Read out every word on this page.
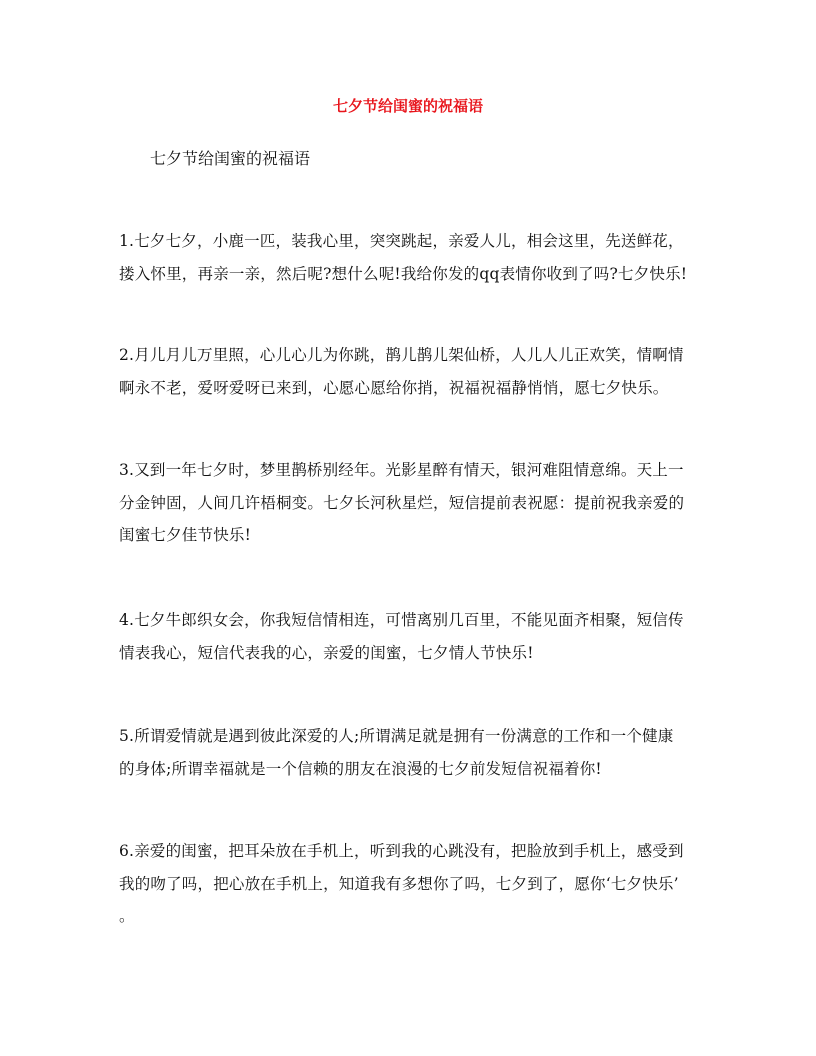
七夕节给闺蜜的祝福语
七夕节给闺蜜的祝福语
1.七夕七夕，小鹿一匹，装我心里，突突跳起，亲爱人儿，相会这里，先送鲜花，
搂入怀里，再亲一亲，然后呢?想什么呢!我给你发的qq表情你收到了吗?七夕快乐!
2.月儿月儿万里照，心儿心儿为你跳，鹊儿鹊儿架仙桥，人儿人儿正欢笑，情啊情
啊永不老，爱呀爱呀已来到，心愿心愿给你捎，祝福祝福静悄悄，愿七夕快乐。
3.又到一年七夕时，梦里鹊桥别经年。光影星醉有情天，银河难阻情意绵。天上一
分金钟固，人间几许梧桐变。七夕长河秋星烂，短信提前表祝愿：提前祝我亲爱的
闺蜜七夕佳节快乐!
4.七夕牛郎织女会，你我短信情相连，可惜离别几百里，不能见面齐相聚，短信传
情表我心，短信代表我的心，亲爱的闺蜜，七夕情人节快乐!
5.所谓爱情就是遇到彼此深爱的人;所谓满足就是拥有一份满意的工作和一个健康
的身体;所谓幸福就是一个信赖的朋友在浪漫的七夕前发短信祝福着你!
6.亲爱的闺蜜，把耳朵放在手机上，听到我的心跳没有，把脸放到手机上，感受到
我的吻了吗，把心放在手机上，知道我有多想你了吗，七夕到了，愿你‘七夕快乐’
。
